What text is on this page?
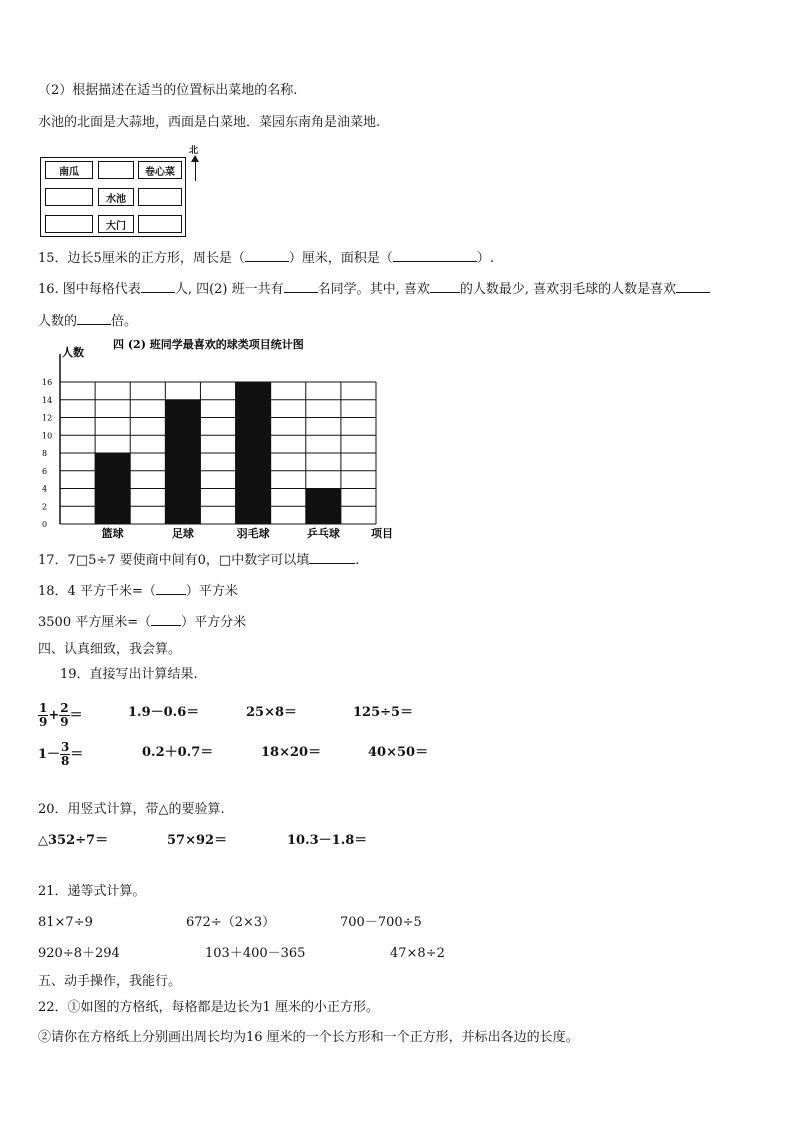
（2）根据描述在适当的位置标出菜地的名称.
水池的北面是大蒜地，西面是白菜地．菜园东南角是油菜地.
南瓜	卷心菜
水池
大门
北
15．边长5厘米的正方形，周长是（	）厘米，面积是（	）.
16. 图中每格代表	人, 四(2) 班一共有	名同学。其中, 喜欢 的人数最少, 喜欢羽毛球的人数是喜欢
人数的	倍。
0
2
4
6
8
10
12
14
16
篮球	足球	羽毛球	乒乓球
四 (2) 班同学最喜欢的球类项目统计图
人数
项目
17．7□5÷7 要使商中间有0，□中数字可以填	.
18．4 平方千米=（ ）平方米
3500 平方厘米=（ ）平方分米
四、认真细致，我会算。
19．直接写出计算结果.
$\frac{1}{9} + \frac{2}{9}$ ＝	1.9－0.6＝	25×8＝	125÷5＝
$1- \frac{3}{8}$ ＝	0.2＋0.7＝	18×20＝	40×50＝
20．用竖式计算，带△的要验算.
△352÷7＝	57×92＝	10.3－1.8＝
21．递等式计算。
81×7÷9	672÷（2×3）	700－700÷5
920÷8＋294	103＋400－365	47×8÷2
五、动手操作，我能行。
22．①如图的方格纸，每格都是边长为1 厘米的小正方形。
②请你在方格纸上分别画出周长均为16 厘米的一个长方形和一个正方形，并标出各边的长度。
